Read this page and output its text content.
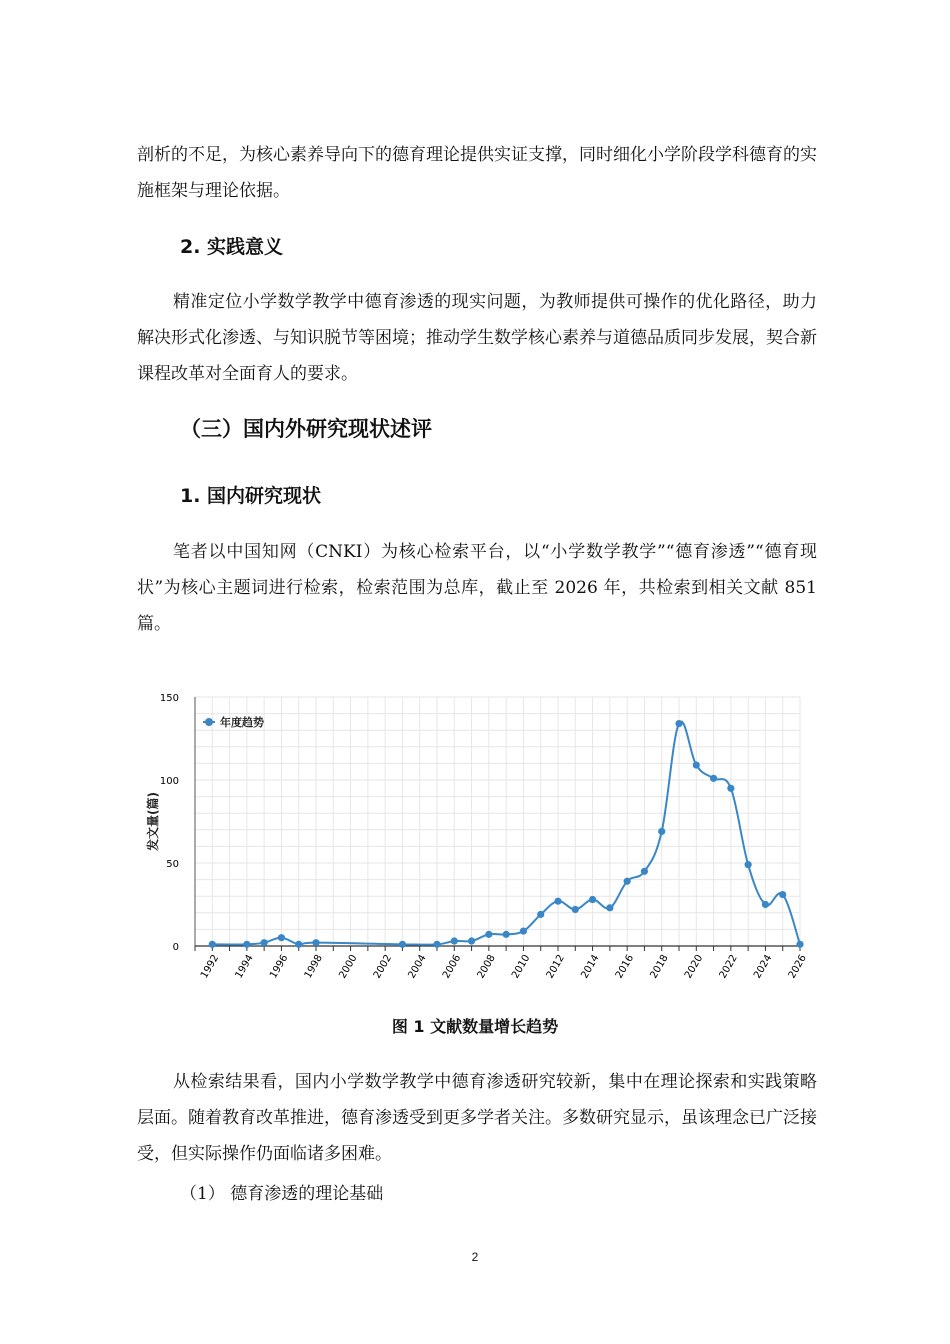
剖析的不足，为核心素养导向下的德育理论提供实证支撑，同时细化小学阶段学科德育的实施框架与理论依据。

2. 实践意义

精准定位小学数学教学中德育渗透的现实问题，为教师提供可操作的优化路径，助力解决形式化渗透、与知识脱节等困境；推动学生数学核心素养与道德品质同步发展，契合新课程改革对全面育人的要求。

（三）国内外研究现状述评

1. 国内研究现状

笔者以中国知网（CNKI）为核心检索平台，以“小学数学教学”“德育渗透”“德育现状”为核心主题词进行检索，检索范围为总库，截止至 2026 年，共检索到相关文献 851 篇。

0
50
100
150
1992 1994 1996 1998 2000 2002 2004 2006 2008 2010 2012 2014 2016 2018 2020 2022 2024 2026
发文量(篇)
年度趋势
图 1 文献数量增长趋势

从检索结果看，国内小学数学教学中德育渗透研究较新，集中在理论探索和实践策略层面。随着教育改革推进，德育渗透受到更多学者关注。多数研究显示，虽该理念已广泛接受，但实际操作仍面临诸多困难。

（1） 德育渗透的理论基础

2
